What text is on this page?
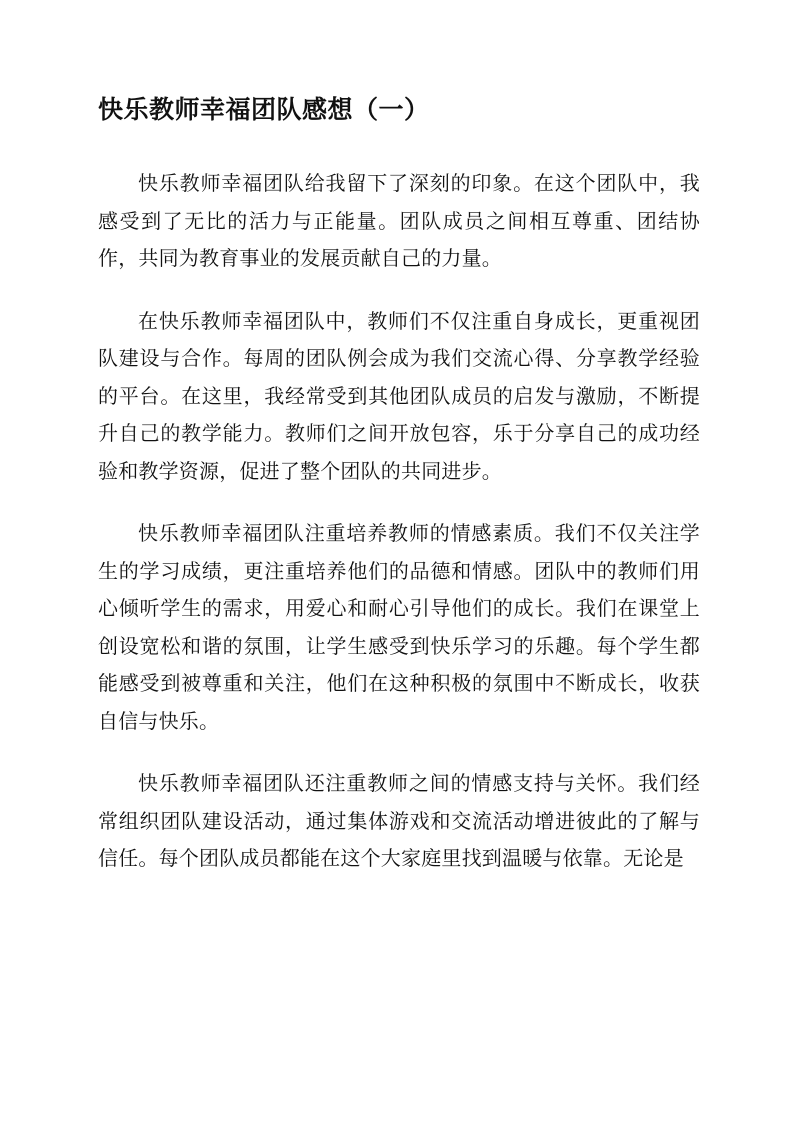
快乐教师幸福团队感想（一）

快乐教师幸福团队给我留下了深刻的印象。在这个团队中，我感受到了无比的活力与正能量。团队成员之间相互尊重、团结协作，共同为教育事业的发展贡献自己的力量。

在快乐教师幸福团队中，教师们不仅注重自身成长，更重视团队建设与合作。每周的团队例会成为我们交流心得、分享教学经验的平台。在这里，我经常受到其他团队成员的启发与激励，不断提升自己的教学能力。教师们之间开放包容，乐于分享自己的成功经验和教学资源，促进了整个团队的共同进步。

快乐教师幸福团队注重培养教师的情感素质。我们不仅关注学生的学习成绩，更注重培养他们的品德和情感。团队中的教师们用心倾听学生的需求，用爱心和耐心引导他们的成长。我们在课堂上创设宽松和谐的氛围，让学生感受到快乐学习的乐趣。每个学生都能感受到被尊重和关注，他们在这种积极的氛围中不断成长，收获自信与快乐。

快乐教师幸福团队还注重教师之间的情感支持与关怀。我们经常组织团队建设活动，通过集体游戏和交流活动增进彼此的了解与信任。每个团队成员都能在这个大家庭里找到温暖与依靠。无论是
